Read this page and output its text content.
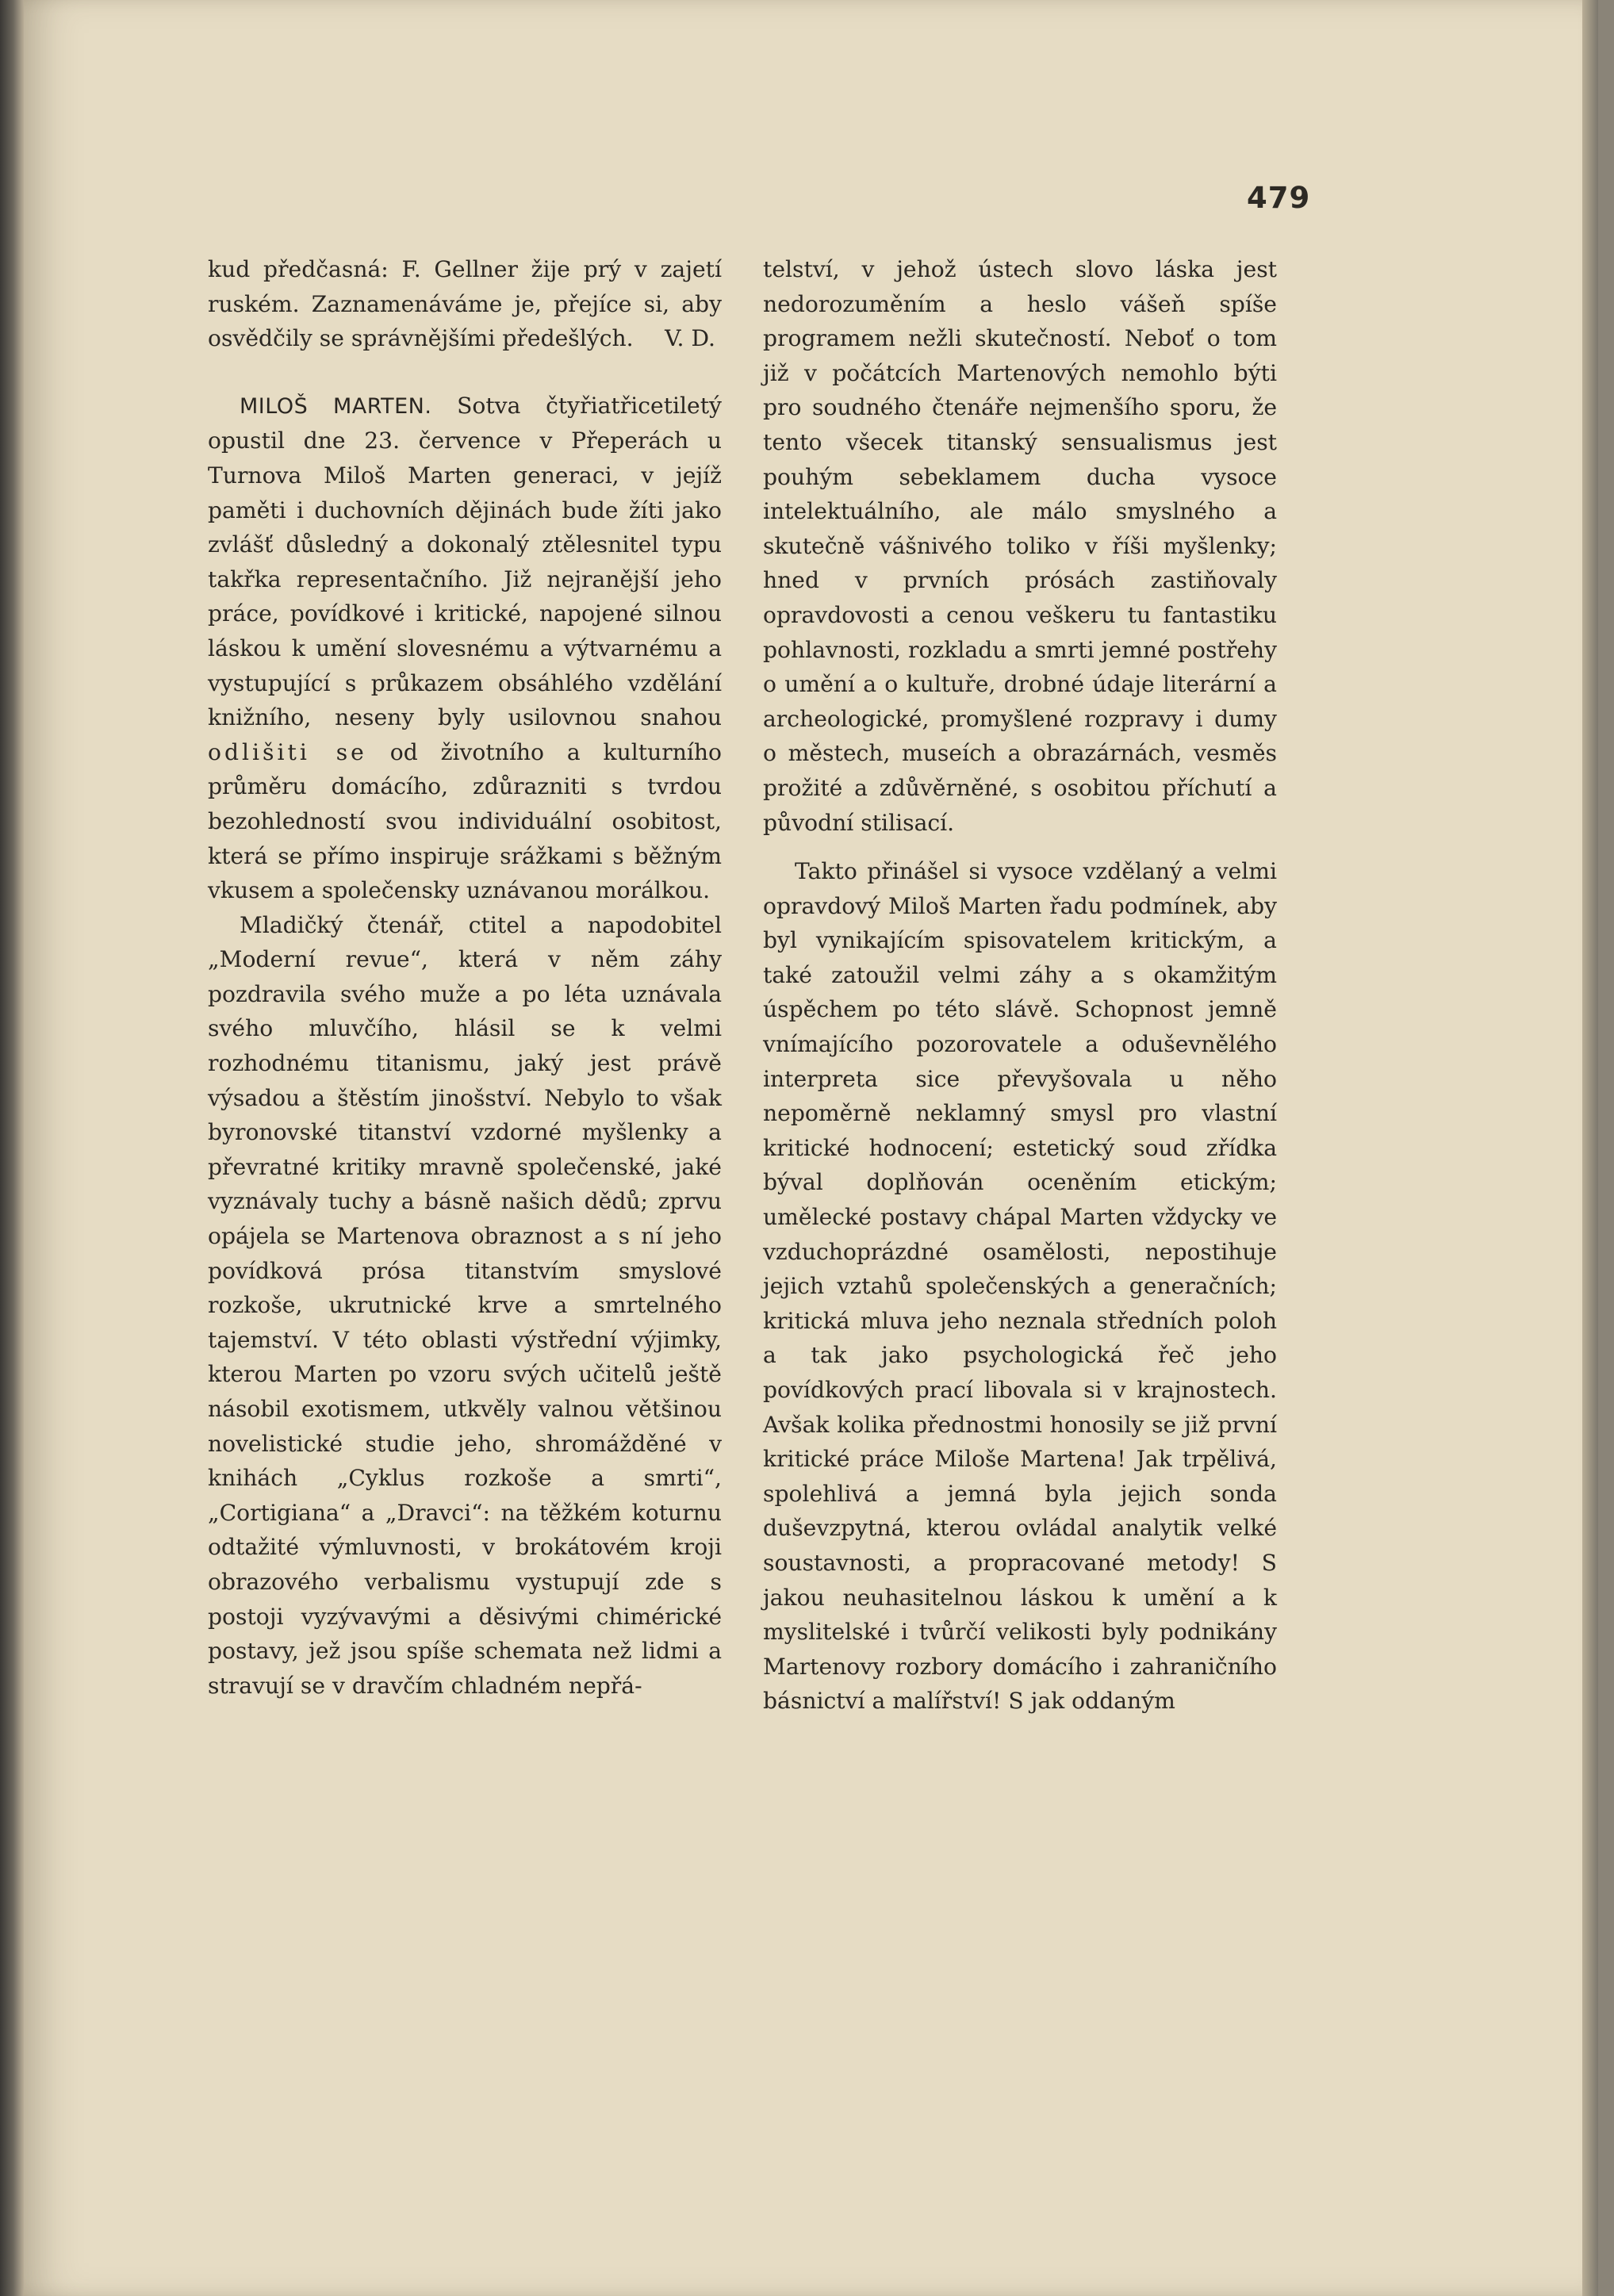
479

kud předčasná: F. Gellner žije prý v zajetí ruském. Zaznamenáváme je, přejíce si, aby osvědčily se správnějšími předešlých. V. D.

MILOŠ MARTEN. Sotva čtyřiatřicetiletý opustil dne 23. července v Přeperách u Turnova Miloš Marten generaci, v jejíž paměti i duchovních dějinách bude žíti jako zvlášť důsledný a dokonalý ztělesnitel typu takřka representačního. Již nejranější jeho práce, povídkové i kritické, napojené silnou láskou k umění slovesnému a výtvarnému a vystupující s průkazem obsáhlého vzdělání knižního, neseny byly usilovnou snahou odlišiti se od životního a kulturního průměru domácího, zdůrazniti s tvrdou bezohledností svou individuální osobitost, která se přímo inspiruje srážkami s běžným vkusem a společensky uznávanou morálkou.

Mladičký čtenář, ctitel a napodobitel „Moderní revue“, která v něm záhy pozdravila svého muže a po léta uznávala svého mluvčího, hlásil se k velmi rozhodnému titanismu, jaký jest právě výsadou a štěstím jinošství. Nebylo to však byronovské titanství vzdorné myšlenky a převratné kritiky mravně společenské, jaké vyznávaly tuchy a básně našich dědů; zprvu opájela se Martenova obraznost a s ní jeho povídková prósa titanstvím smyslové rozkoše, ukrutnické krve a smrtelného tajemství. V této oblasti výstřední výjimky, kterou Marten po vzoru svých učitelů ještě násobil exotismem, utkvěly valnou většinou novelistické studie jeho, shromážděné v knihách „Cyklus rozkoše a smrti“, „Cortigiana“ a „Dravci“: na těžkém koturnu odtažité výmluvnosti, v brokátovém kroji obrazového verbalismu vystupují zde s postoji vyzývavými a děsivými chimérické postavy, jež jsou spíše schemata než lidmi a stravují se v dravčím chladném nepřá-

telství, v jehož ústech slovo láska jest nedorozuměním a heslo vášeň spíše programem nežli skutečností. Neboť o tom již v počátcích Martenových nemohlo býti pro soudného čtenáře nejmenšího sporu, že tento všecek titanský sensualismus jest pouhým sebeklamem ducha vysoce intelektuálního, ale málo smyslného a skutečně vášnivého toliko v říši myšlenky; hned v prvních prósách zastiňovaly opravdovosti a cenou veškeru tu fantastiku pohlavnosti, rozkladu a smrti jemné postřehy o umění a o kultuře, drobné údaje literární a archeologické, promyšlené rozpravy i dumy o městech, museích a obrazárnách, vesměs prožité a zdůvěrněné, s osobitou příchutí a původní stilisací.

Takto přinášel si vysoce vzdělaný a velmi opravdový Miloš Marten řadu podmínek, aby byl vynikajícím spisovatelem kritickým, a také zatoužil velmi záhy a s okamžitým úspěchem po této slávě. Schopnost jemně vnímajícího pozorovatele a oduševnělého interpreta sice převyšovala u něho nepoměrně neklamný smysl pro vlastní kritické hodnocení; estetický soud zřídka býval doplňován oceněním etickým; umělecké postavy chápal Marten vždycky ve vzduchoprázdné osamělosti, nepostihuje jejich vztahů společenských a generačních; kritická mluva jeho neznala středních poloh a tak jako psychologická řeč jeho povídkových prací libovala si v krajnostech. Avšak kolika přednostmi honosily se již první kritické práce Miloše Martena! Jak trpělivá, spolehlivá a jemná byla jejich sonda duševzpytná, kterou ovládal analytik velké soustavnosti, a propracované metody! S jakou neuhasitelnou láskou k umění a k myslitelské i tvůrčí velikosti byly podnikány Martenovy rozbory domácího i zahraničního básnictví a malířství! S jak oddaným
